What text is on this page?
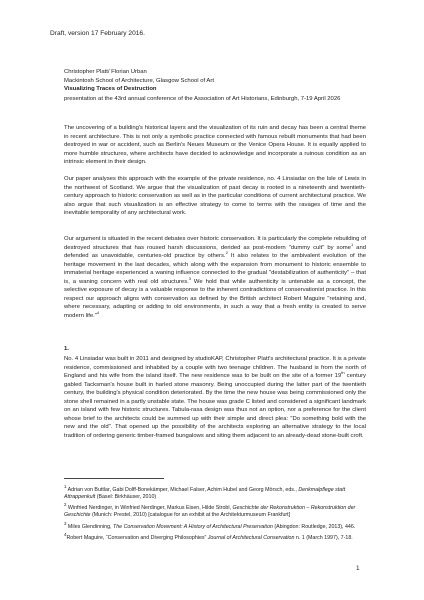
Draft, version 17 February 2016.
Christopher Platt/ Florian Urban
Mackintosh School of Architecture, Glasgow School of Art
Visualizing Traces of Destruction
presentation at the 43rd annual conference of the Association of Art Historians, Edinburgh, 7-19 April 2026

The uncovering of a building's historical layers and the visualization of its ruin and decay has been a central theme in recent architecture. This is not only a symbolic practice connected with famous rebuilt monuments that had been destroyed in war or accident, such as Berlin's Neues Museum or the Venice Opera House. It is equally applied to more humble structures, where architects have decided to acknowledge and incorporate a ruinous condition as an intrinsic element in their design.

Our paper analyses this approach with the example of the private residence, no. 4 Linsiadar on the Isle of Lewis in the northwest of Scotland. We argue that the visualization of past decay is rooted in a nineteenth and twentieth-century approach to historic conservation as well as in the particular conditions of current architectural practice. We also argue that such visualization is an effective strategy to come to terms with the ravages of time and the inevitable temporality of any architectural work.

Our argument is situated in the recent debates over historic conservation. It is particularly the complete rebuilding of destroyed structures that has roused harsh discussions, derided as post-modern "dummy cult" by some$^1$ and defended as unavoidable, centuries-old practice by others.$^2$ It also relates to the ambivalent evolution of the heritage movement in the last decades, which along with the expansion from monument to historic ensemble to immaterial heritage experienced a waning influence connected to the gradual "destabilization of authenticity" – that is, a waning concern with real old structures.$^3$ We hold that while authenticity is untenable as a concept, the selective exposure of decay is a valuable response to the inherent contradictions of conservationist practice. In this respect our approach aligns with conservation as defined by the British architect Robert Maguire "retaining and, where necessary, adapting or adding to old environments, in such a way that a fresh entity is created to serve modern life."$^4$

1.

No. 4 Linsiadar was built in 2011 and designed by studioKAP, Christopher Platt's architectural practice. It is a private residence, commissioned and inhabited by a couple with two teenage children. The husband is from the north of England and his wife from the island itself. The new residence was to be built on the site of a former 19th century gabled Tacksman's house built in harled stone masonry. Being unoccupied during the latter part of the twentieth century, the building's physical condition deteriorated. By the time the new house was being commissioned only the stone shell remained in a partly unstable state. The house was grade C listed and considered a significant landmark on an island with few historic structures. Tabula-rasa design was thus not an option, nor a preference for the client whose brief to the architects could be summed up with their simple and direct plea: "Do something bold with the new and the old". That opened up the possibility of the architects exploring an alternative strategy to the local tradition of ordering generic timber-framed bungalows and siting them adjacent to an already-dead stone-built croft.

$^1$ Adrian von Buttlar, Gabi Dolff-Bonekämper, Michael Falser, Achim Hubel and Georg Mörsch, eds., Denkmalpflege statt Attrappenkult (Basel: Birkhäuser, 2010)

$^2$ Winfried Nerdinger, in Winfried Nerdinger, Markus Eisen, Hilde Strobl, Geschichte der Rekonstruktion – Rekonstruktion der Geschichte (Munich: Prestel, 2010) [catalogue for an exhibit at the Architekturmuseum Frankfurt]

$^3$ Miles Glendinning, The Conservation Movement: A History of Architectural Preservation (Abingdon: Routledge, 2013), 446.

$^4$Robert Maguire, “Conservation and Diverging Philosophies” Journal of Architectural Conservation n. 1 (March 1997), 7-18.

1
